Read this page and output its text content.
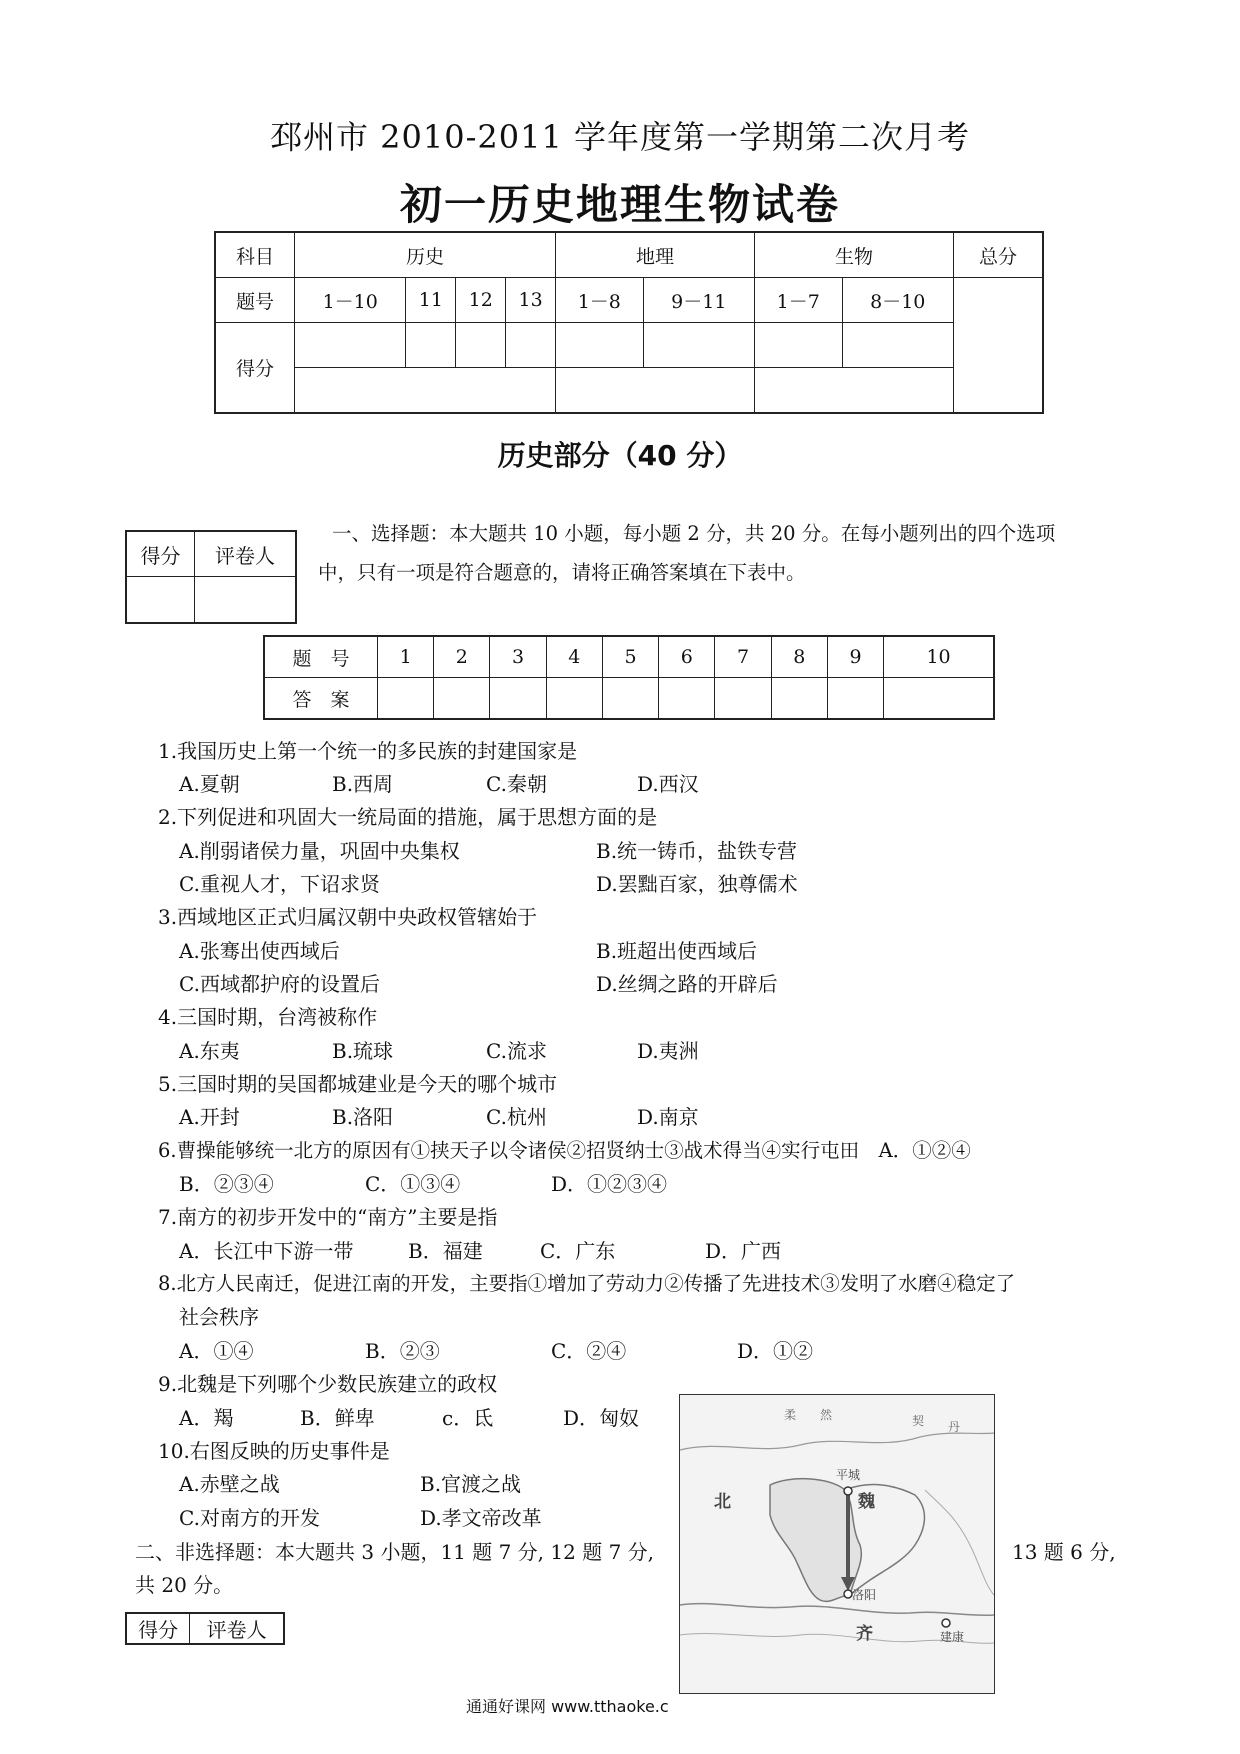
邳州市 2010-2011 学年度第一学期第二次月考
初一历史地理生物试卷
科目	历史				地理		生物		总分
题号	1－10	11	12	13	1－8	9－11	1－7	8－10	
得分									

历史部分（40 分）
得分	评卷人

一、选择题：本大题共 10 小题，每小题 2 分，共 20 分。在每小题列出的四个选项
中，只有一项是符合题意的，请将正确答案填在下表中。
题　号	1	2	3	4	5	6	7	8	9	10
答　案										
1.我国历史上第一个统一的多民族的封建国家是
A.夏朝	B.西周	C.秦朝	D.西汉
2.下列促进和巩固大一统局面的措施，属于思想方面的是
A.削弱诸侯力量，巩固中央集权	B.统一铸币，盐铁专营
C.重视人才，下诏求贤	D.罢黜百家，独尊儒术
3.西域地区正式归属汉朝中央政权管辖始于
A.张骞出使西域后	B.班超出使西域后
C.西域都护府的设置后	D.丝绸之路的开辟后
4.三国时期，台湾被称作
A.东夷	B.琉球	C.流求	D.夷洲
5.三国时期的吴国都城建业是今天的哪个城市
A.开封	B.洛阳	C.杭州	D.南京
6.曹操能够统一北方的原因有①挟天子以令诸侯②招贤纳士③战术得当④实行屯田　A．①②④
B．②③④	C．①③④	D．①②③④
7.南方的初步开发中的“南方”主要是指
A．长江中下游一带	B．福建	C．广东	D．广西
8.北方人民南迁，促进江南的开发，主要指①增加了劳动力②传播了先进技术③发明了水磨④稳定了
社会秩序
A．①④	B．②③	C．②④	D．①②
9.北魏是下列哪个少数民族建立的政权
A．羯	B．鲜卑	c．氐	D．匈奴
10.右图反映的历史事件是
A.赤壁之战	B.官渡之战
C.对南方的开发	D.孝文帝改革
二、非选择题：本大题共 3 小题，11 题 7 分, 12 题 7 分,	13 题 6 分,
共 20 分。
得分	评卷人
柔 然	契 丹
平城
北	魏
洛阳
建康
齐
通通好课网 www.tthaoke.c
